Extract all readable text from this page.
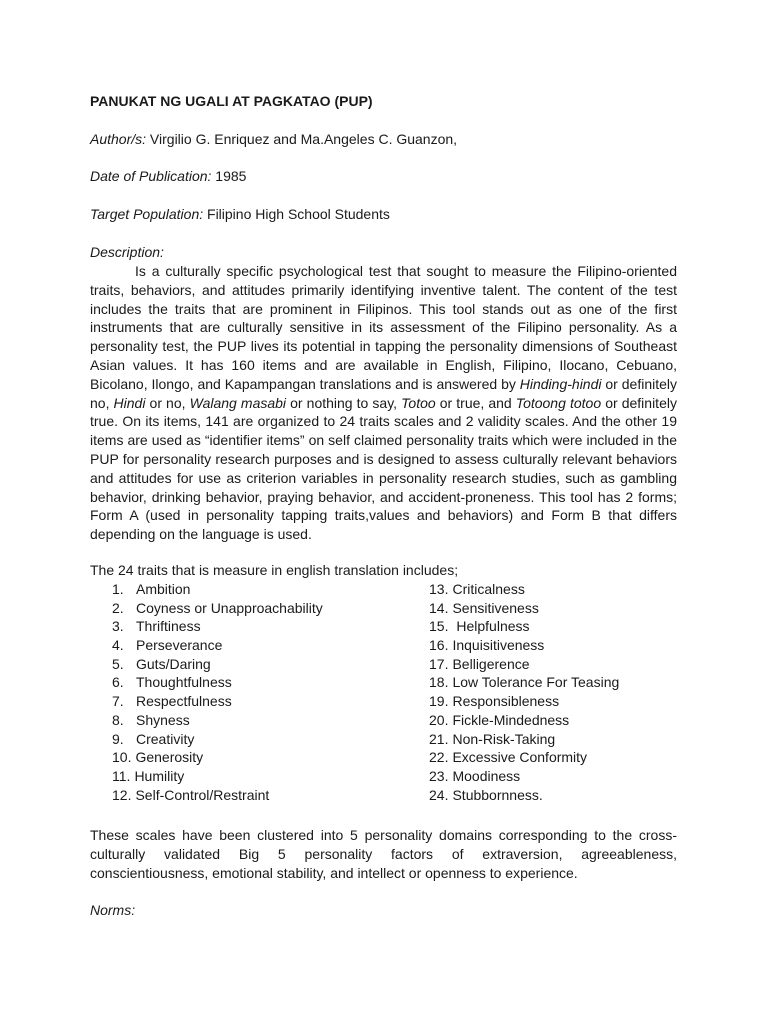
PANUKAT NG UGALI AT PAGKATAO (PUP)
Author/s: Virgilio G. Enriquez and Ma.Angeles C. Guanzon,
Date of Publication: 1985
Target Population: Filipino High School Students
Description:

Is a culturally specific psychological test that sought to measure the Filipino-oriented traits, behaviors, and attitudes primarily identifying inventive talent. The content of the test includes the traits that are prominent in Filipinos. This tool stands out as one of the first instruments that are culturally sensitive in its assessment of the Filipino personality. As a personality test, the PUP lives its potential in tapping the personality dimensions of Southeast Asian values. It has 160 items and are available in English, Filipino, Ilocano, Cebuano, Bicolano, Ilongo, and Kapampangan translations and is answered by Hinding-hindi or definitely no, Hindi or no, Walang masabi or nothing to say, Totoo or true, and Totoong totoo or definitely true. On its items, 141 are organized to 24 traits scales and 2 validity scales. And the other 19 items are used as “identifier items” on self claimed personality traits which were included in the PUP for personality research purposes and is designed to assess culturally relevant behaviors and attitudes for use as criterion variables in personality research studies, such as gambling behavior, drinking behavior, praying behavior, and accident-proneness. This tool has 2 forms; Form A (used in personality tapping traits,values and behaviors) and Form B that differs depending on the language is used.

The 24 traits that is measure in english translation includes;
1. Ambition
2. Coyness or Unapproachability
3. Thriftiness
4. Perseverance
5. Guts/Daring
6. Thoughtfulness
7. Respectfulness
8. Shyness
9. Creativity
10. Generosity
11. Humility
12. Self-Control/Restraint
13. Criticalness
14. Sensitiveness
15. Helpfulness
16. Inquisitiveness
17. Belligerence
18. Low Tolerance For Teasing
19. Responsibleness
20. Fickle-Mindedness
21. Non-Risk-Taking
22. Excessive Conformity
23. Moodiness
24. Stubbornness.

These scales have been clustered into 5 personality domains corresponding to the cross-culturally validated Big 5 personality factors of extraversion, agreeableness, conscientiousness, emotional stability, and intellect or openness to experience.

Norms:
